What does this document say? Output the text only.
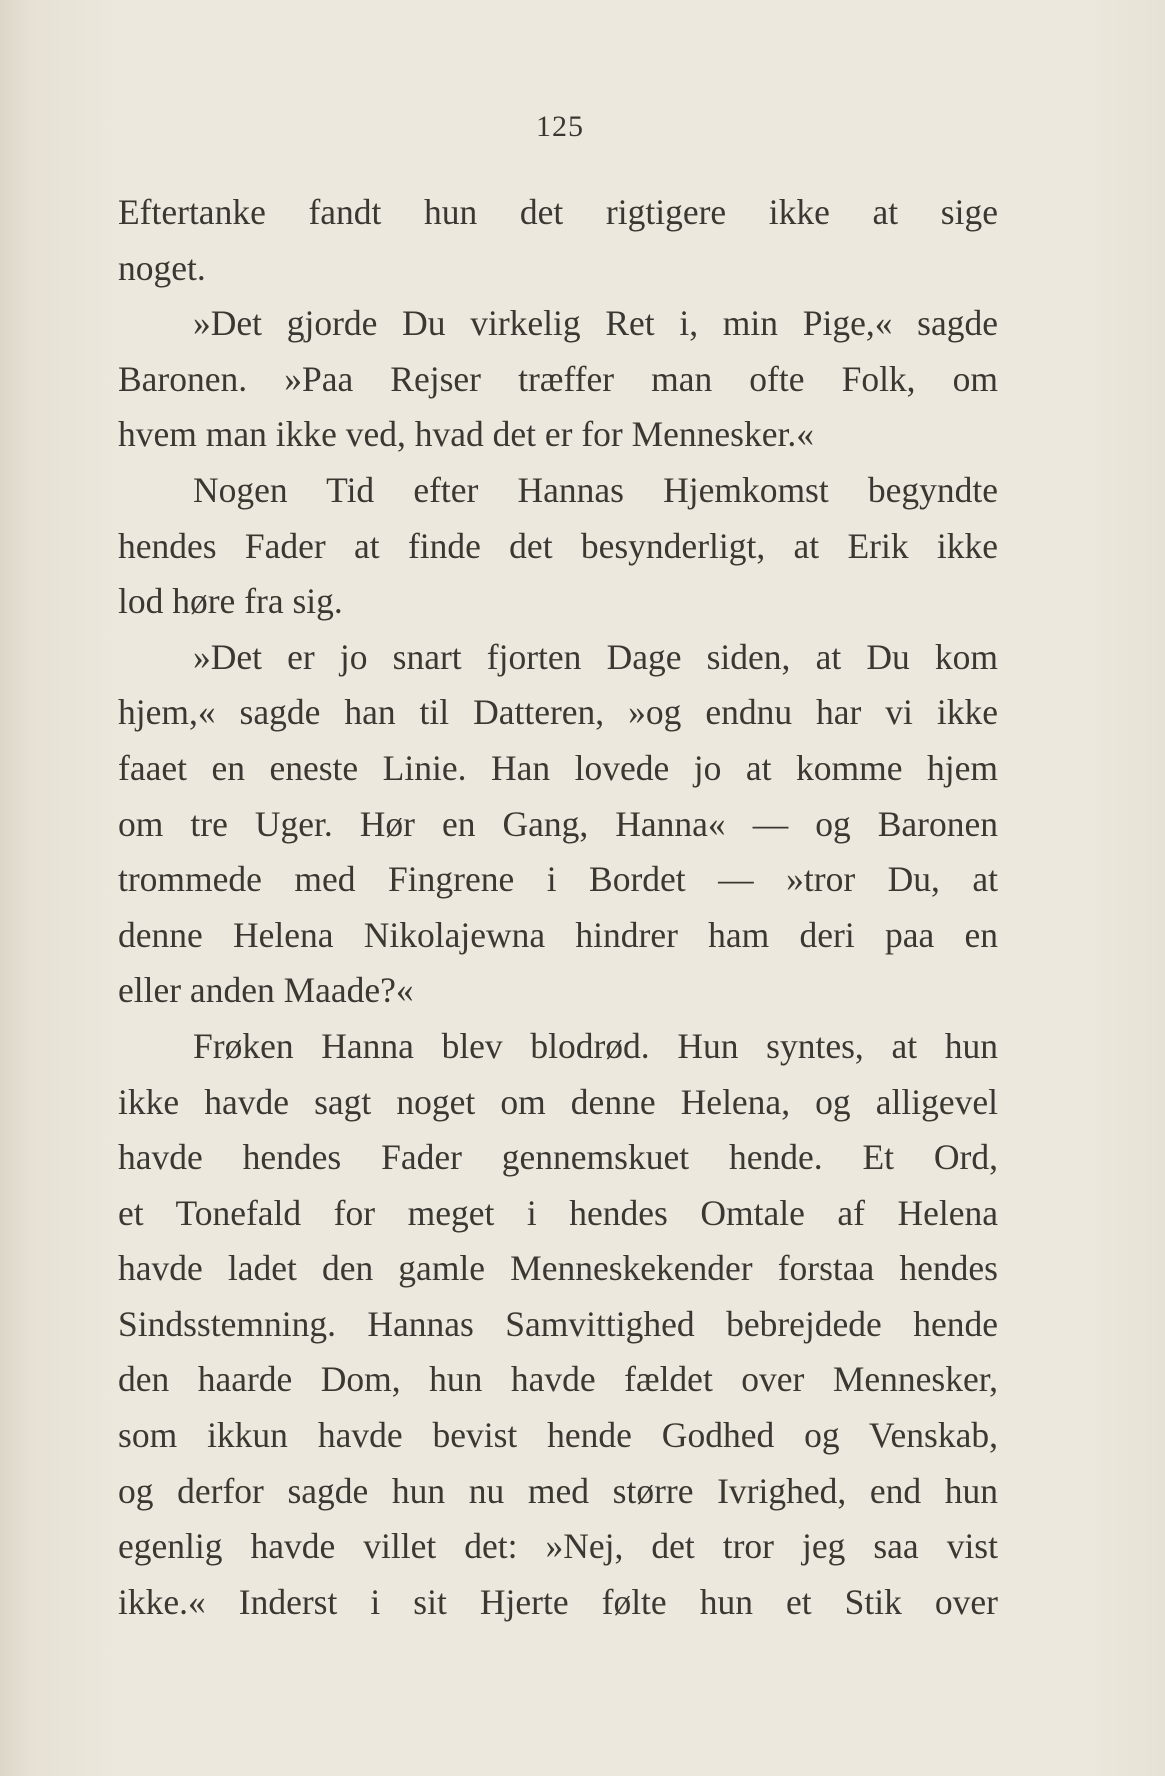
125
Eftertanke fandt hun det rigtigere ikke at sige
noget.
»Det gjorde Du virkelig Ret i, min Pige,« sagde
Baronen. »Paa Rejser træffer man ofte Folk, om
hvem man ikke ved, hvad det er for Mennesker.«
Nogen Tid efter Hannas Hjemkomst begyndte
hendes Fader at finde det besynderligt, at Erik ikke
lod høre fra sig.
»Det er jo snart fjorten Dage siden, at Du kom
hjem,« sagde han til Datteren, »og endnu har vi ikke
faaet en eneste Linie. Han lovede jo at komme hjem
om tre Uger. Hør en Gang, Hanna« — og Baronen
trommede med Fingrene i Bordet — »tror Du, at
denne Helena Nikolajewna hindrer ham deri paa en
eller anden Maade?«
Frøken Hanna blev blodrød. Hun syntes, at hun
ikke havde sagt noget om denne Helena, og alligevel
havde hendes Fader gennemskuet hende. Et Ord,
et Tonefald for meget i hendes Omtale af Helena
havde ladet den gamle Menneskekender forstaa hendes
Sindsstemning. Hannas Samvittighed bebrejdede hende
den haarde Dom, hun havde fældet over Mennesker,
som ikkun havde bevist hende Godhed og Venskab,
og derfor sagde hun nu med større Ivrighed, end hun
egenlig havde villet det: »Nej, det tror jeg saa vist
ikke.« Inderst i sit Hjerte følte hun et Stik over
